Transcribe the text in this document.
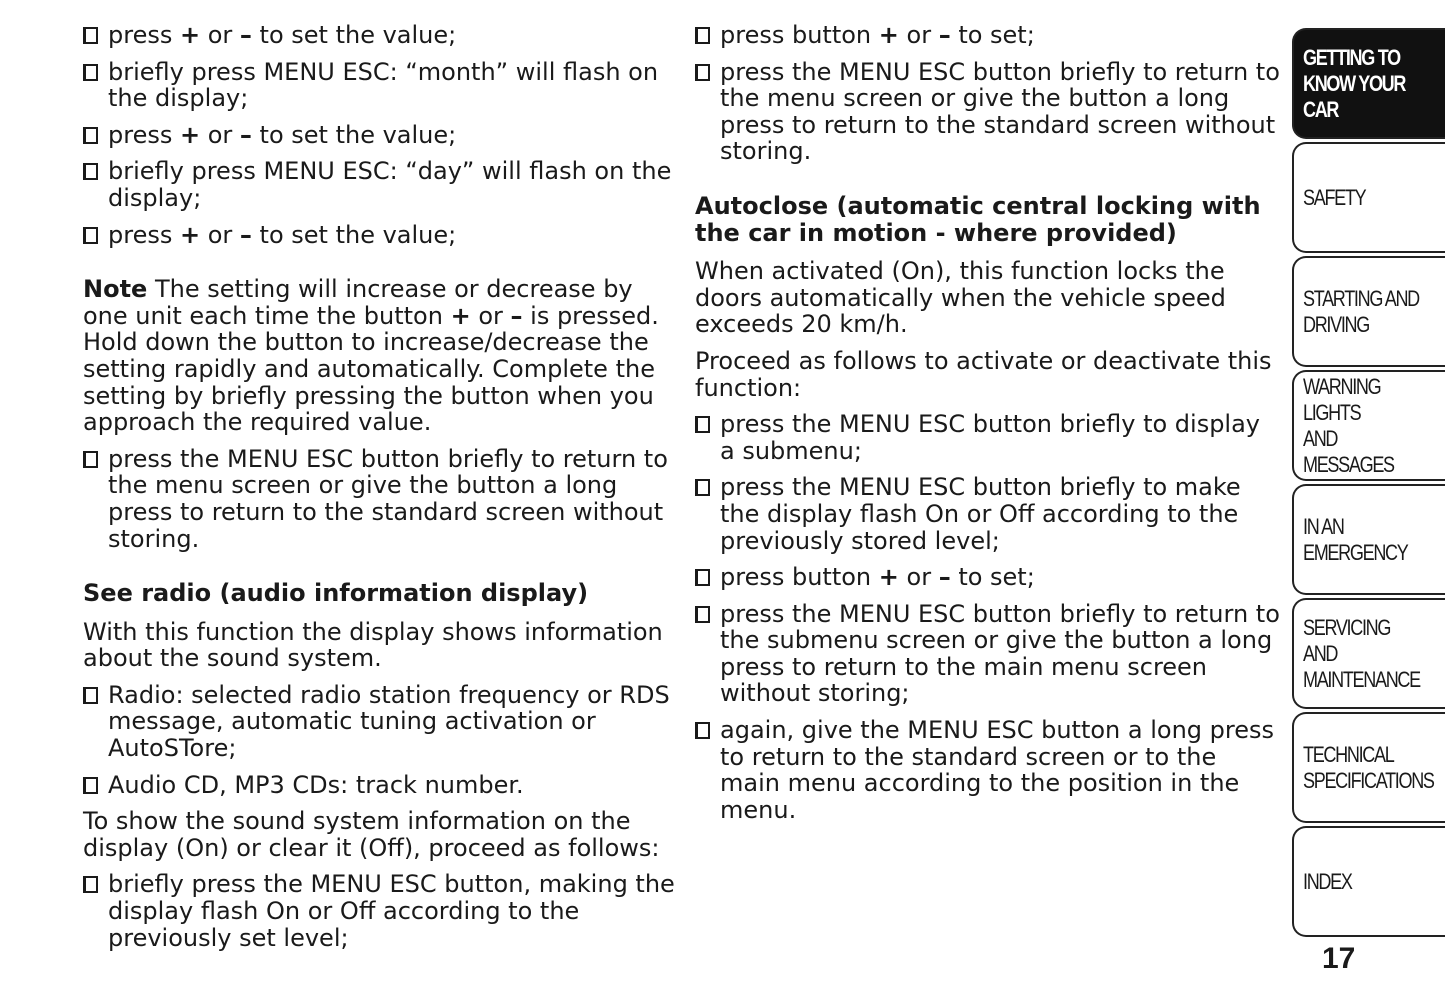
press + or – to set the value;
briefly press MENU ESC: “month” will flash on the display;
press + or – to set the value;
briefly press MENU ESC: “day” will flash on the display;
press + or – to set the value;

Note The setting will increase or decrease by one unit each time the button + or – is pressed. Hold down the button to increase/decrease the setting rapidly and automatically. Complete the setting by briefly pressing the button when you approach the required value.

press the MENU ESC button briefly to return to the menu screen or give the button a long press to return to the standard screen without storing.
See radio (audio information display)

With this function the display shows information about the sound system.

Radio: selected radio station frequency or RDS message, automatic tuning activation or AutoSTore;
Audio CD, MP3 CDs: track number.

To show the sound system information on the display (On) or clear it (Off), proceed as follows:

briefly press the MENU ESC button, making the display flash On or Off according to the previously set level;
press button + or – to set;
press the MENU ESC button briefly to return to the menu screen or give the button a long press to return to the standard screen without storing.
Autoclose (automatic central locking with the car in motion - where provided)

When activated (On), this function locks the doors automatically when the vehicle speed exceeds 20 km/h.

Proceed as follows to activate or deactivate this function:

press the MENU ESC button briefly to display a submenu;
press the MENU ESC button briefly to make the display flash On or Off according to the previously stored level;
press button + or – to set;
press the MENU ESC button briefly to return to the submenu screen or give the button a long press to return to the main menu screen without storing;
again, give the MENU ESC button a long press to return to the standard screen or to the main menu according to the position in the menu.
GETTING TO
KNOW YOUR CAR
SAFETY
STARTING AND
DRIVING
WARNING LIGHTS
AND MESSAGES
IN AN EMERGENCY
SERVICING AND
MAINTENANCE
TECHNICAL
SPECIFICATIONS
INDEX
17
